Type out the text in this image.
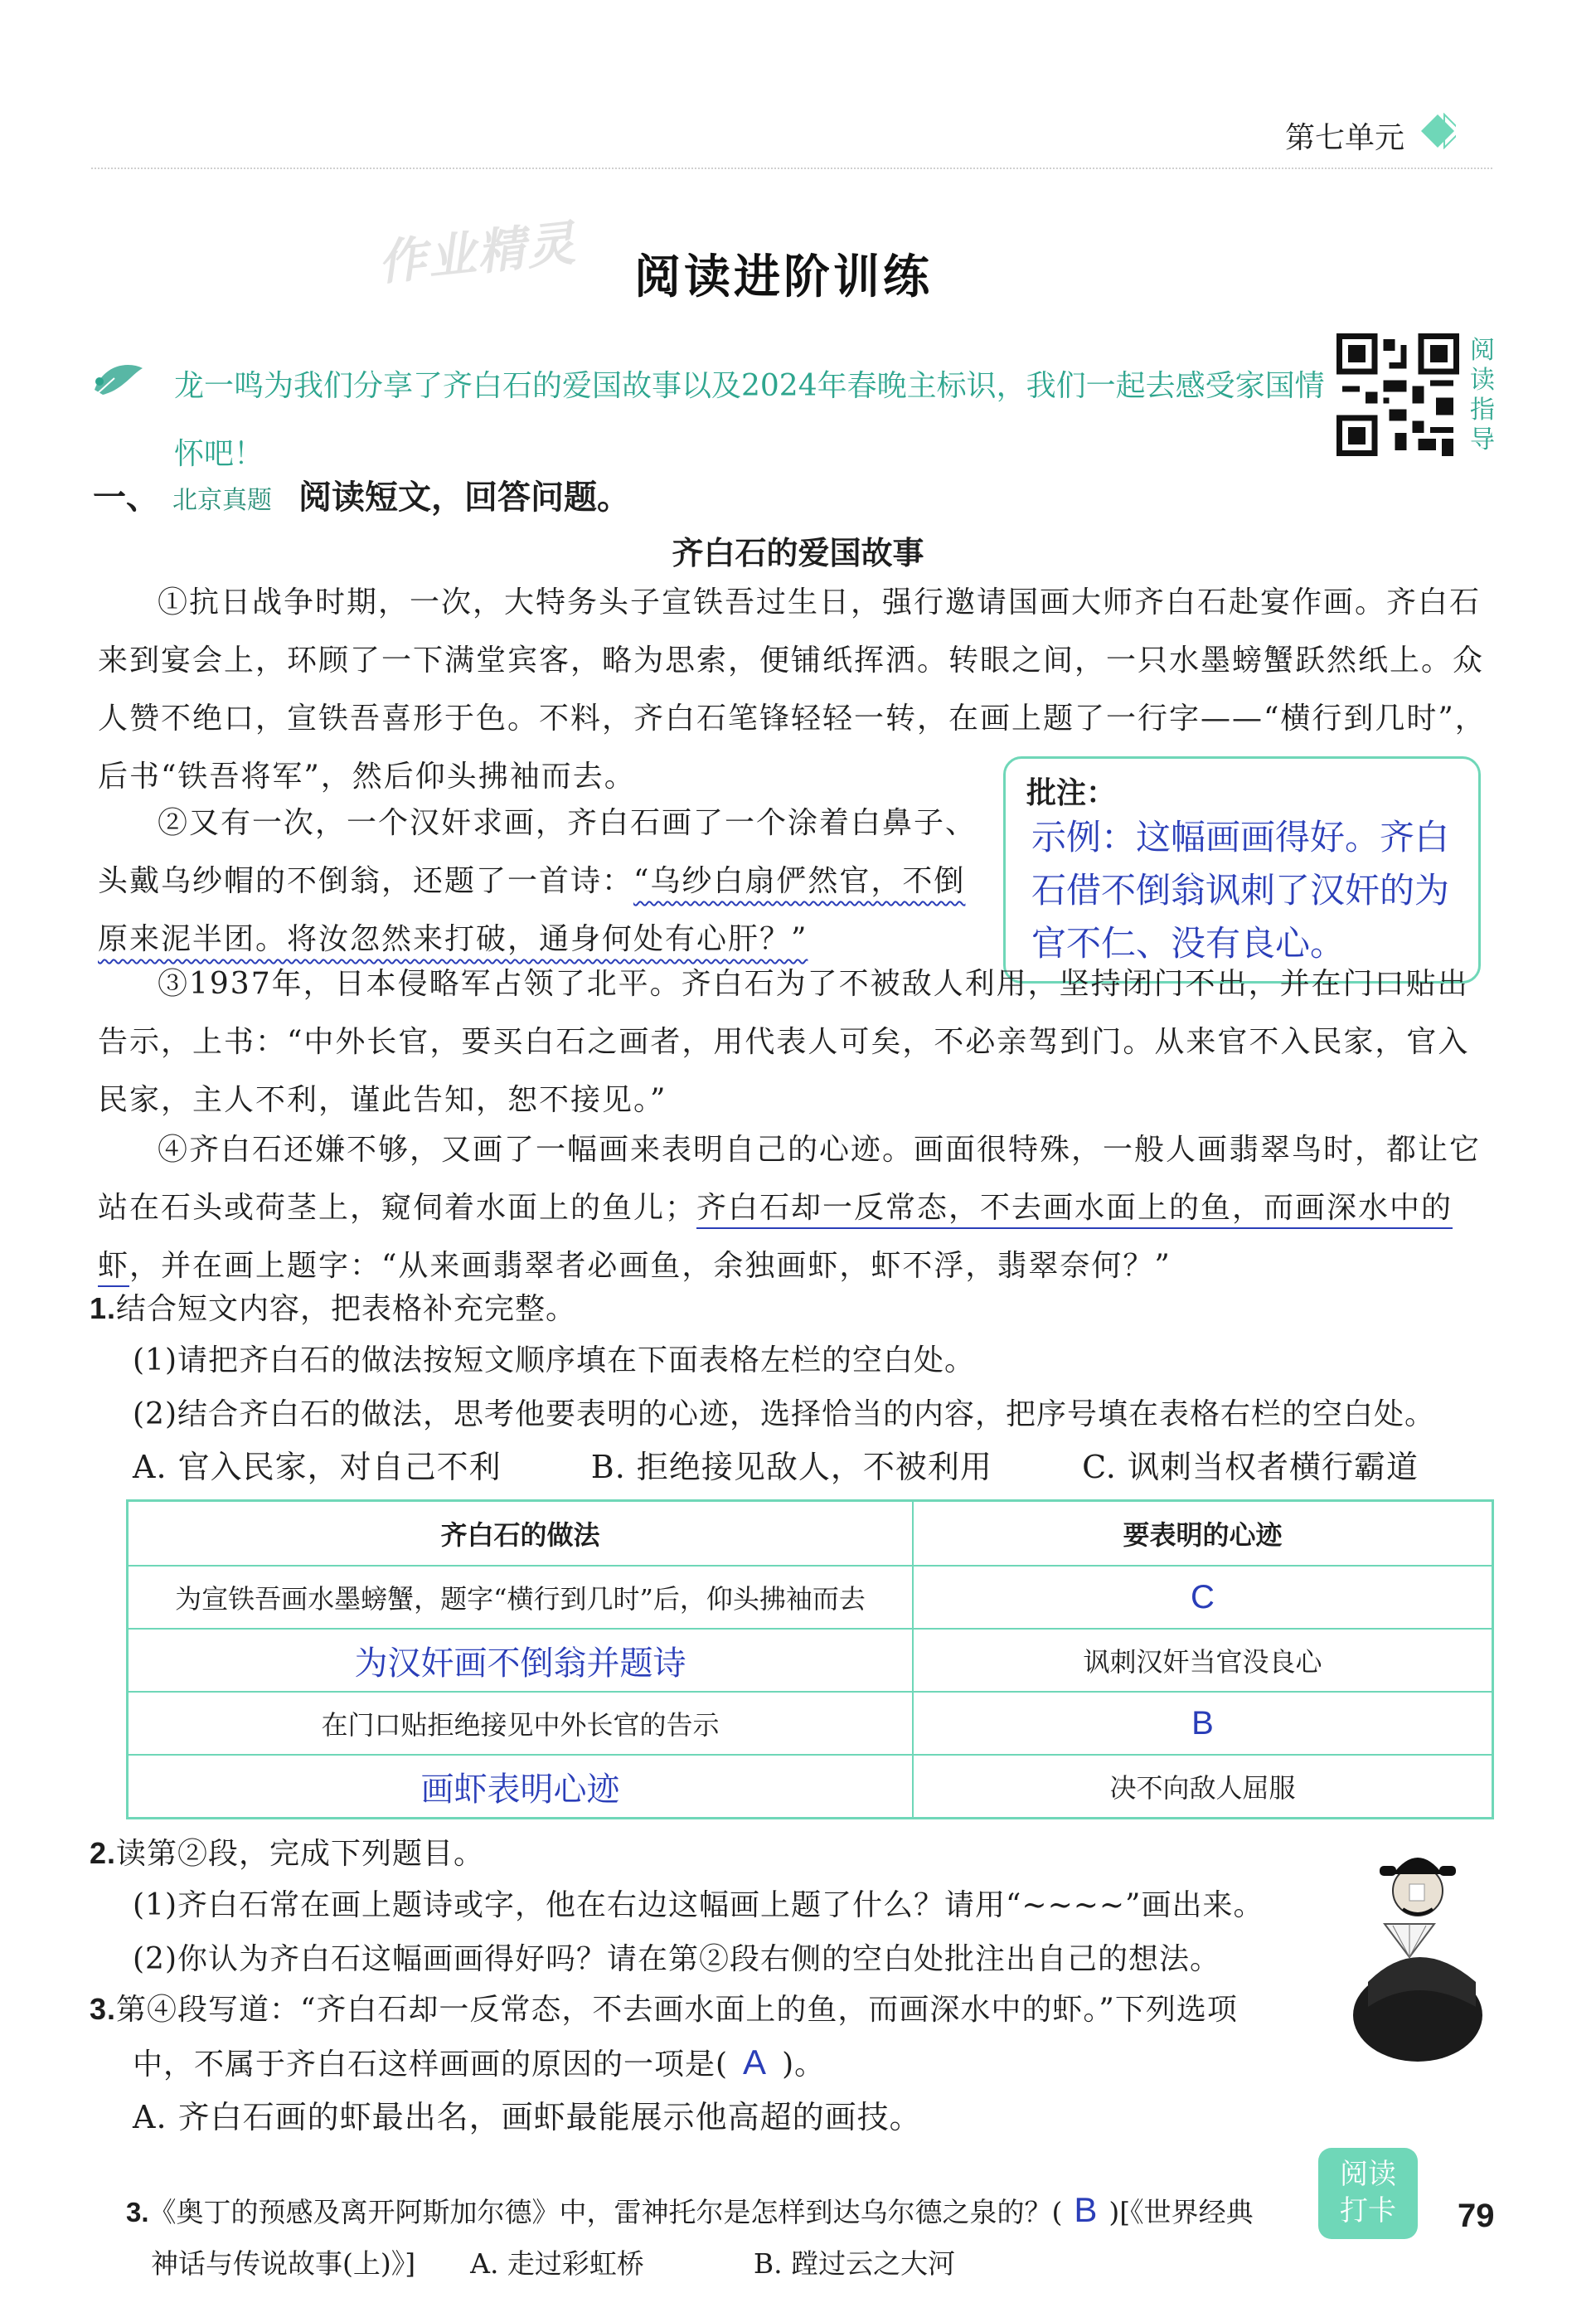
第七单元
作业精灵 阅读进阶训练
龙一鸣为我们分享了齐白石的爱国故事以及2024年春晚主标识，我们一起去感受家国情怀吧！
阅
读
指
导
一、 北京真题 阅读短文，回答问题。
齐白石的爱国故事
①抗日战争时期，一次，大特务头子宣铁吾过生日，强行邀请国画大师齐白石赴宴作画。齐白石来到宴会上，环顾了一下满堂宾客，略为思索，便铺纸挥洒。转眼之间，一只水墨螃蟹跃然纸上。众人赞不绝口，宣铁吾喜形于色。不料，齐白石笔锋轻轻一转，在画上题了一行字——“横行到几时”，后书“铁吾将军”，然后仰头拂袖而去。
②又有一次，一个汉奸求画，齐白石画了一个涂着白鼻子、头戴乌纱帽的不倒翁，还题了一首诗：“乌纱白扇俨然官，不倒原来泥半团。将汝忽然来打破，通身何处有心肝？”
批注：
示例：这幅画画得好。齐白石借不倒翁讽刺了汉奸的为官不仁、没有良心。
③1937年，日本侵略军占领了北平。齐白石为了不被敌人利用，坚持闭门不出，并在门口贴出告示，上书：“中外长官，要买白石之画者，用代表人可矣，不必亲驾到门。从来官不入民家，官入民家，主人不利，谨此告知，恕不接见。”
④齐白石还嫌不够，又画了一幅画来表明自己的心迹。画面很特殊，一般人画翡翠鸟时，都让它站在石头或荷茎上，窥伺着水面上的鱼儿；齐白石却一反常态，不去画水面上的鱼，而画深水中的虾，并在画上题字：“从来画翡翠者必画鱼，余独画虾，虾不浮，翡翠奈何？”
1.结合短文内容，把表格补充完整。
(1)请把齐白石的做法按短文顺序填在下面表格左栏的空白处。
(2)结合齐白石的做法，思考他要表明的心迹，选择恰当的内容，把序号填在表格右栏的空白处。
A. 官入民家，对自己不利	B. 拒绝接见敌人，不被利用	C. 讽刺当权者横行霸道
齐白石的做法	要表明的心迹
为宣铁吾画水墨螃蟹，题字“横行到几时”后，仰头拂袖而去	C
为汉奸画不倒翁并题诗	讽刺汉奸当官没良心
在门口贴拒绝接见中外长官的告示	B
画虾表明心迹	决不向敌人屈服
2.读第②段，完成下列题目。
(1)齐白石常在画上题诗或字，他在右边这幅画上题了什么？请用“~~~~”画出来。
(2)你认为齐白石这幅画画得好吗？请在第②段右侧的空白处批注出自己的想法。
3.第④段写道：“齐白石却一反常态，不去画水面上的鱼，而画深水中的虾。”下列选项
中，不属于齐白石这样画画的原因的一项是( A )。
A. 齐白石画的虾最出名，画虾最能展示他高超的画技。
3.《奥丁的预感及离开阿斯加尔德》中，雷神托尔是怎样到达乌尔德之泉的？( B )[《世界经典
神话与传说故事(上)》]　　A. 走过彩虹桥　　　　B. 蹚过云之大河
阅读
打卡	79
